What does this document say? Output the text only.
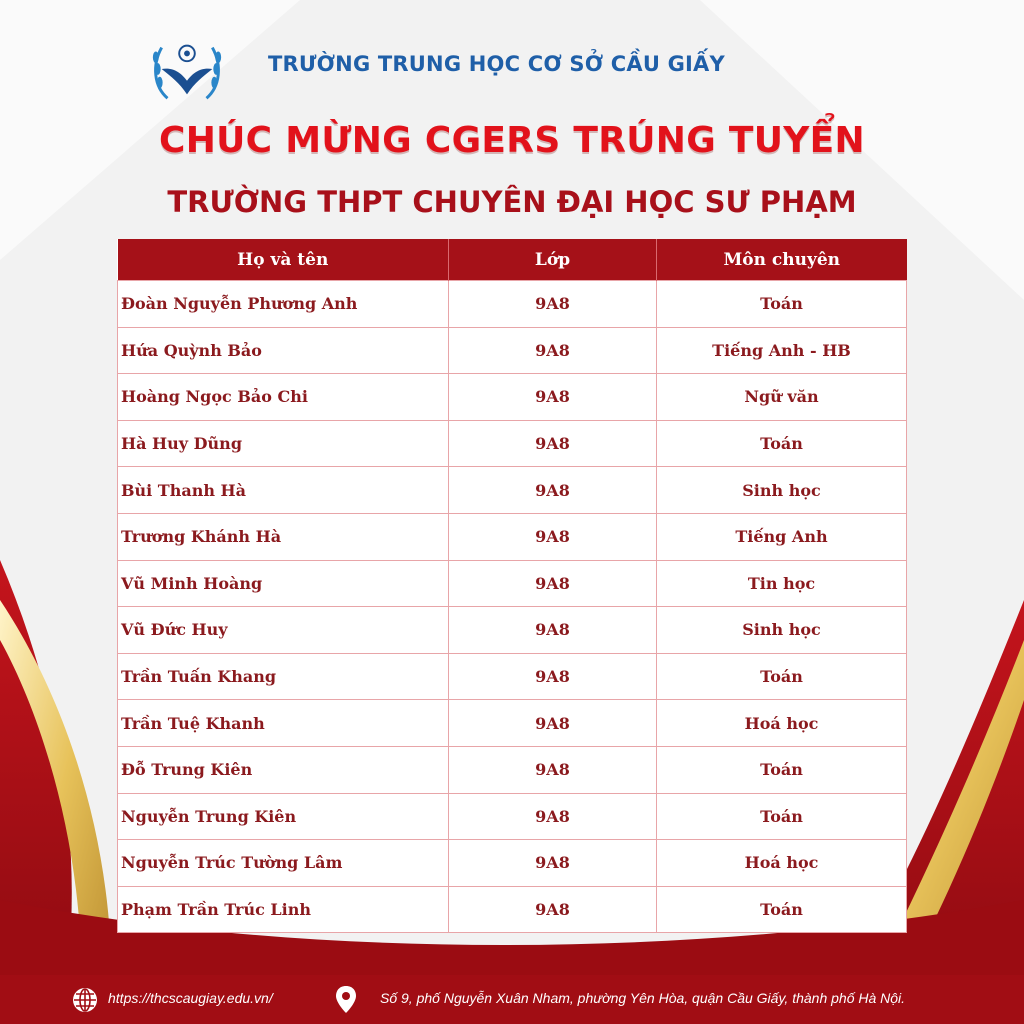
TRƯỜNG TRUNG HỌC CƠ SỞ CẦU GIẤY
CHÚC MỪNG CGERS TRÚNG TUYỂN
TRƯỜNG THPT CHUYÊN ĐẠI HỌC SƯ PHẠM
Họ và tên	Lớp	Môn chuyên
Đoàn Nguyễn Phương Anh	9A8	Toán
Hứa Quỳnh Bảo	9A8	Tiếng Anh - HB
Hoàng Ngọc Bảo Chi	9A8	Ngữ văn
Hà Huy Dũng	9A8	Toán
Bùi Thanh Hà	9A8	Sinh học
Trương Khánh Hà	9A8	Tiếng Anh
Vũ Minh Hoàng	9A8	Tin học
Vũ Đức Huy	9A8	Sinh học
Trần Tuấn Khang	9A8	Toán
Trần Tuệ Khanh	9A8	Hoá học
Đỗ Trung Kiên	9A8	Toán
Nguyễn Trung Kiên	9A8	Toán
Nguyễn Trúc Tường Lâm	9A8	Hoá học
Phạm Trần Trúc Linh	9A8	Toán
https://thcscaugiay.edu.vn/	Số 9, phố Nguyễn Xuân Nham, phường Yên Hòa, quận Cầu Giấy, thành phố Hà Nội.
